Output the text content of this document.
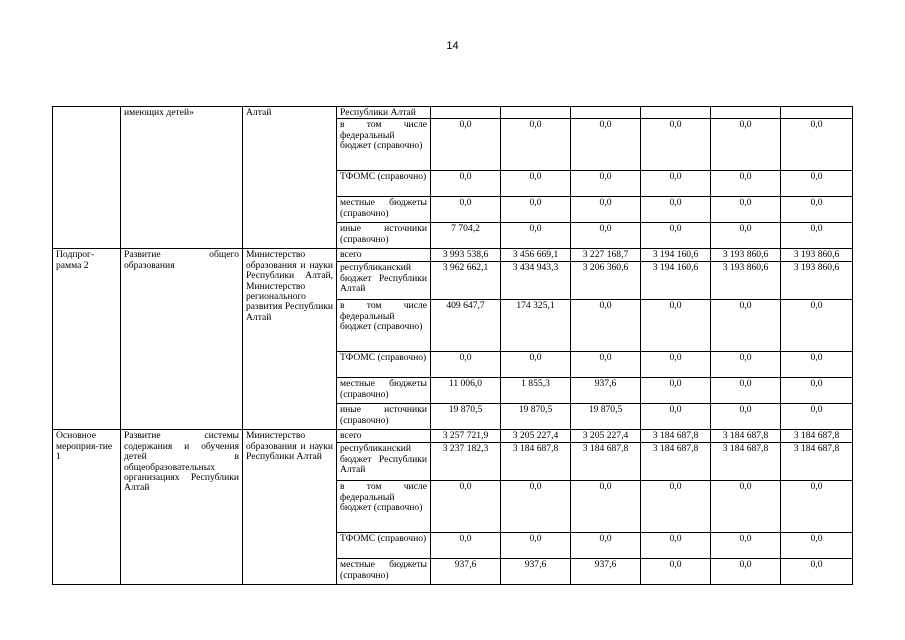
14
	имеющих детей»	Алтай	Республики Алтай						
			в том числе федеральный бюджет (справочно)	0,0	0,0	0,0	0,0	0,0	0,0
			ТФОМС (справочно)	0,0	0,0	0,0	0,0	0,0	0,0
			местные бюджеты (справочно)	0,0	0,0	0,0	0,0	0,0	0,0
			иные источники (справочно)	7 704,2	0,0	0,0	0,0	0,0	0,0
Подпрог-рамма 2	Развитие общего образования	Министерство образования и науки Республики Алтай, Министерство регионального развития Республики Алтай	всего	3 993 538,6	3 456 669,1	3 227 168,7	3 194 160,6	3 193 860,6	3 193 860,6
			республиканский бюджет Республики Алтай	3 962 662,1	3 434 943,3	3 206 360,6	3 194 160,6	3 193 860,6	3 193 860,6
			в том числе федеральный бюджет (справочно)	409 647,7	174 325,1	0,0	0,0	0,0	0,0
			ТФОМС (справочно)	0,0	0,0	0,0	0,0	0,0	0,0
			местные бюджеты (справочно)	11 006,0	1 855,3	937,6	0,0	0,0	0,0
			иные источники (справочно)	19 870,5	19 870,5	19 870,5	0,0	0,0	0,0
Основное мероприя-тие 1	Развитие системы содержания и обучения детей в общеобразовательных организациях Республики Алтай	Министерство образования и науки Республики Алтай	всего	3 257 721,9	3 205 227,4	3 205 227,4	3 184 687,8	3 184 687,8	3 184 687,8
			республиканский бюджет Республики Алтай	3 237 182,3	3 184 687,8	3 184 687,8	3 184 687,8	3 184 687,8	3 184 687,8
			в том числе федеральный бюджет (справочно)	0,0	0,0	0,0	0,0	0,0	0,0
			ТФОМС (справочно)	0,0	0,0	0,0	0,0	0,0	0,0
			местные бюджеты (справочно)	937,6	937,6	937,6	0,0	0,0	0,0
